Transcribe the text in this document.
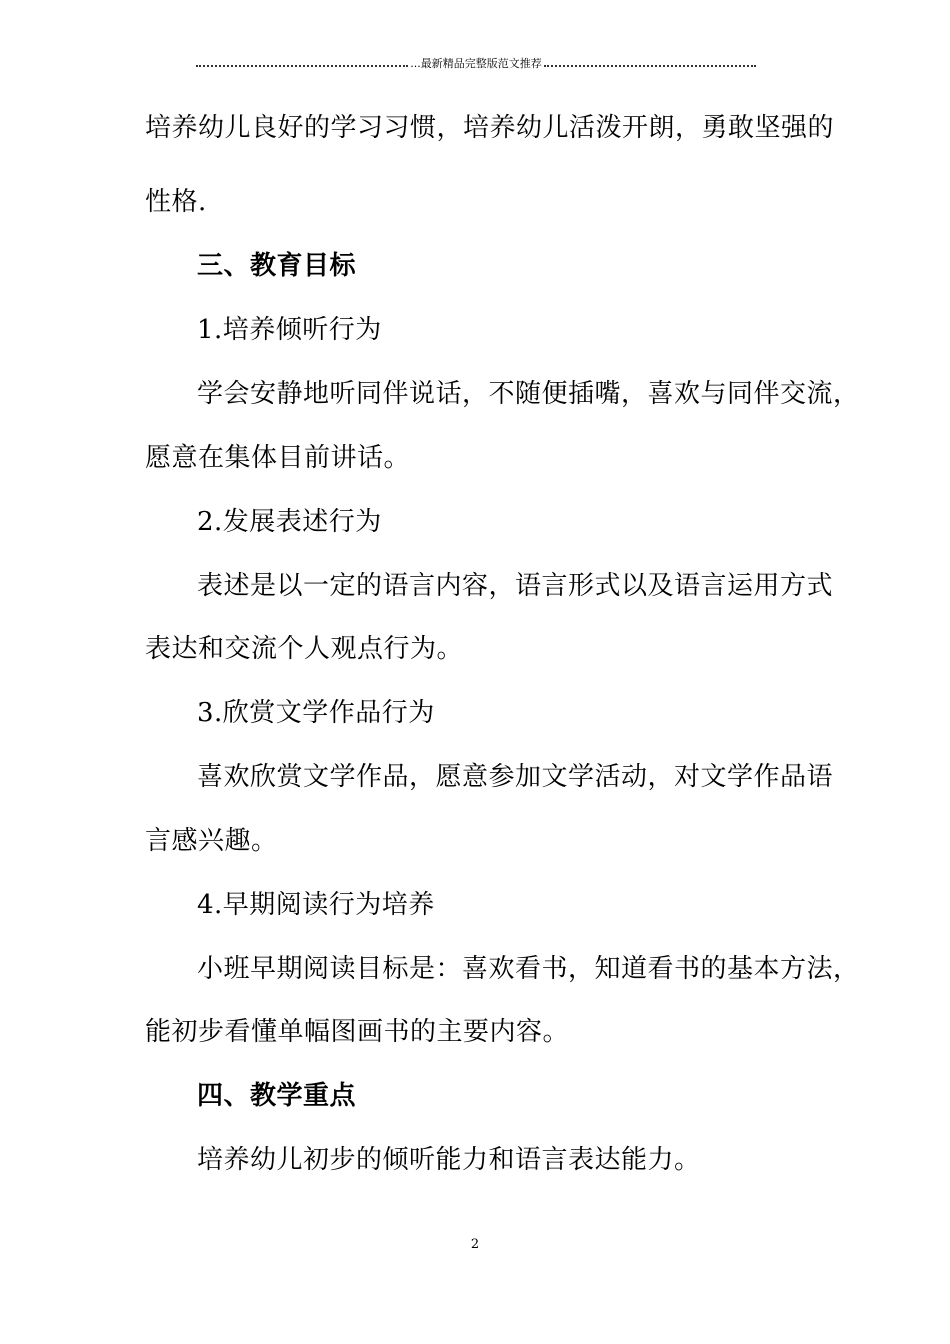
...最新精品完整版范文推荐
培养幼儿良好的学习习惯，培养幼儿活泼开朗，勇敢坚强的
性格.
三、教育目标
1.培养倾听行为
学会安静地听同伴说话，不随便插嘴，喜欢与同伴交流，
愿意在集体目前讲话。
2.发展表述行为
表述是以一定的语言内容，语言形式以及语言运用方式
表达和交流个人观点行为。
3.欣赏文学作品行为
喜欢欣赏文学作品，愿意参加文学活动，对文学作品语
言感兴趣。
4.早期阅读行为培养
小班早期阅读目标是：喜欢看书，知道看书的基本方法，
能初步看懂单幅图画书的主要内容。
四、教学重点
培养幼儿初步的倾听能力和语言表达能力。
2
